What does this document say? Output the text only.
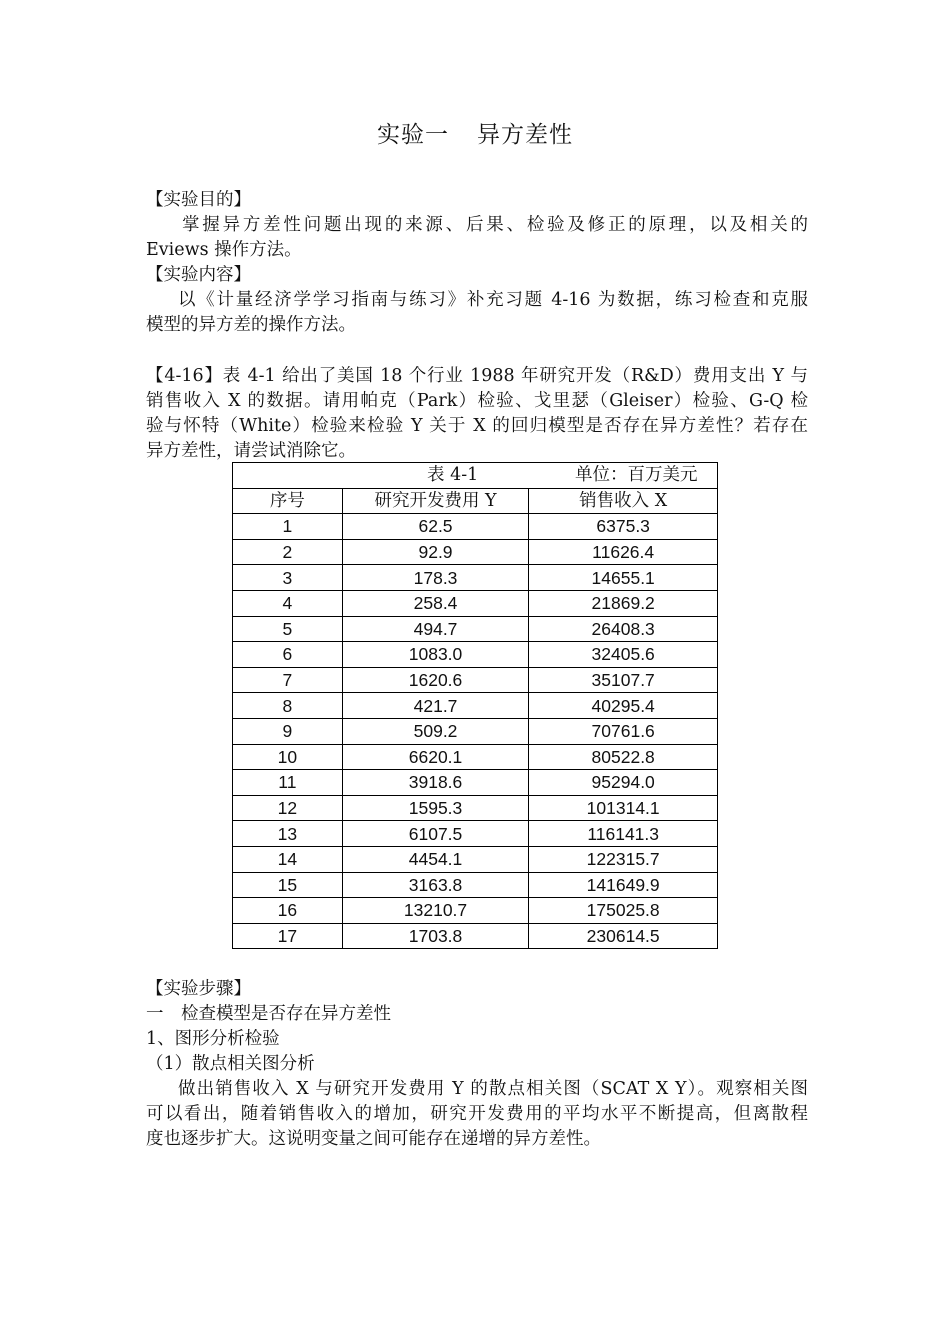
实验一 异方差性
【实验目的】
掌握异方差性问题出现的来源、后果、检验及修正的原理，以及相关的
Eviews 操作方法。
【实验内容】
以《计量经济学学习指南与练习》补充习题 4-16 为数据，练习检查和克服
模型的异方差的操作方法。
【4-16】表 4-1 给出了美国 18 个行业 1988 年研究开发（R&D）费用支出 Y 与
销售收入 X 的数据。请用帕克（Park）检验、戈里瑟（Gleiser）检验、G-Q 检
验与怀特（White）检验来检验 Y 关于 X 的回归模型是否存在异方差性？若存在
异方差性，请尝试消除它。
表 4-1 单位：百万美元		

序号	研究开发费用 Y	销售收入 X
1	62.5	6375.3
2	92.9	11626.4
3	178.3	14655.1
4	258.4	21869.2
5	494.7	26408.3
6	1083.0	32405.6
7	1620.6	35107.7
8	421.7	40295.4
9	509.2	70761.6
10	6620.1	80522.8
11	3918.6	95294.0
12	1595.3	101314.1
13	6107.5	116141.3
14	4454.1	122315.7
15	3163.8	141649.9
16	13210.7	175025.8
17	1703.8	230614.5
【实验步骤】
一　检查模型是否存在异方差性
1、图形分析检验
（1）散点相关图分析
做出销售收入 X 与研究开发费用 Y 的散点相关图（SCAT X Y）。观察相关图
可以看出，随着销售收入的增加，研究开发费用的平均水平不断提高，但离散程
度也逐步扩大。这说明变量之间可能存在递增的异方差性。
